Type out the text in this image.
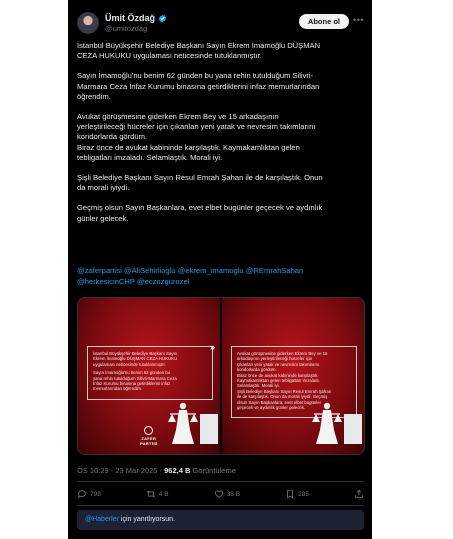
Ümit Özdağ
@umitozdag
Abone ol	•••

İstanbul Büyükşehir Belediye Başkanı Sayın Ekrem İmamoğlu DÜŞMAN
CEZA HUKUKU uygulaması neticesinde tutuklanmıştır.

Sayın İmamoğlu'nu benim 62 günden bu yana rehin tutulduğum Silivri-
Marmara Ceza İnfaz Kurumu binasına getirdiklerini infaz memurlarından
öğrendim.

Avukat görüşmesine giderken Ekrem Bey ve 15 arkadaşının
yerleştirileceği hücreler için çıkanlan yeni yatak ve nevresim takımlarını
koridorlarda gördüm.
Biraz önce de avukat kabininde karşılaştık. Kaymakamlıktan gelen
tebligatları imzaladı. Selamlaştık. Morali iyi.

Şişli Belediye Başkanı Sayın Resul Emrah Şahan ile de karşılaştık. Onun
da morali iyiydi.

Geçmiş olsun Sayın Başkanlara, evet elbet bugünler geçecek ve aydınlık
günler gelecek.

@zaferpartisi @AliSehirlioglu @ekrem_imamoglu @REmrahSahan
@herkesicinCHP @eczozgurozel
İstanbul Büyükşehir Belediye Başkanı Sayın
Ekrem İmamoğlu DÜŞMAN CEZA HUKUKU
uygulaması neticesinde tutuklanmıştır.
Sayın İmamoğlu'nu benim 62 günden bu
yana rehin tutulduğum Silivri-Marmara Ceza
İnfaz Kurumu binasına getirdiklerini infaz
memurlarından öğrendim.
»
ZAFER
PARTİSİ
Avukat görüşmesine giderken Ekrem Bey ve 15
arkadaşının yerleştirileceği hücreler için
çıkanlan yeni yatak ve nevresim takımlarını
koridorlarda gördüm.
Biraz önce de avukat kabininde karşılaştık.
Kaymakamlıktan gelen tebligatları imzaladı.
Selamlaştık. Morali iyi.
Şişli Belediye Başkanı Sayın Resul Emrah Şahan
ile de karşılaştık. Onun da morali iyiydi. Geçmiş
olsun Sayın Başkanlara, evet elbet bugünler
geçecek ve aydınlık günler gelecek.
ÖS 10:29 · 23 Mar 2025 · 962,4 B Görüntüleme
798	4 B	38 B	285
@Haberler için yanıtlıyorsun.
